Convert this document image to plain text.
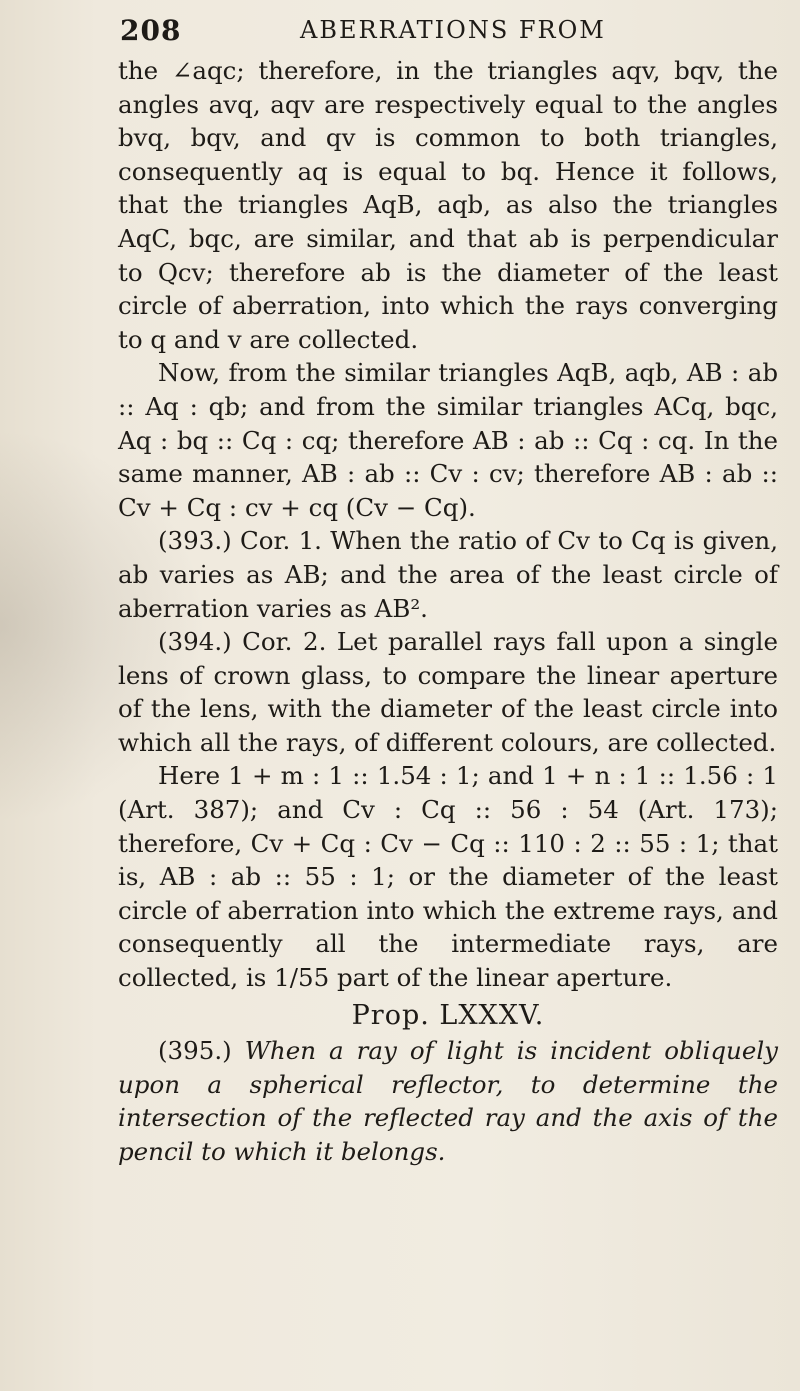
208	ABERRATIONS FROM

the ∠aqc; therefore, in the triangles aqv, bqv, the angles avq, aqv are respectively equal to the angles bvq, bqv, and qv is common to both triangles, consequently aq is equal to bq. Hence it follows, that the triangles AqB, aqb, as also the triangles AqC, bqc, are similar, and that ab is perpendicular to Qcv; therefore ab is the diameter of the least circle of aberration, into which the rays converging to q and v are collected.

Now, from the similar triangles AqB, aqb, AB : ab :: Aq : qb; and from the similar triangles ACq, bqc, Aq : bq :: Cq : cq; therefore AB : ab :: Cq : cq. In the same manner, AB : ab :: Cv : cv; therefore AB : ab :: Cv + Cq : cv + cq (Cv − Cq).

(393.) Cor. 1. When the ratio of Cv to Cq is given, ab varies as AB; and the area of the least circle of aberration varies as AB².

(394.) Cor. 2. Let parallel rays fall upon a single lens of crown glass, to compare the linear aperture of the lens, with the diameter of the least circle into which all the rays, of different colours, are collected.

Here 1 + m : 1 :: 1.54 : 1; and 1 + n : 1 :: 1.56 : 1 (Art. 387); and Cv : Cq :: 56 : 54 (Art. 173); therefore, Cv + Cq : Cv − Cq :: 110 : 2 :: 55 : 1; that is, AB : ab :: 55 : 1; or the diameter of the least circle of aberration into which the extreme rays, and consequently all the intermediate rays, are collected, is 1/55 part of the linear aperture.

Prop. LXXXV.

(395.) When a ray of light is incident obliquely upon a spherical reflector, to determine the intersection of the reflected ray and the axis of the pencil to which it belongs.
